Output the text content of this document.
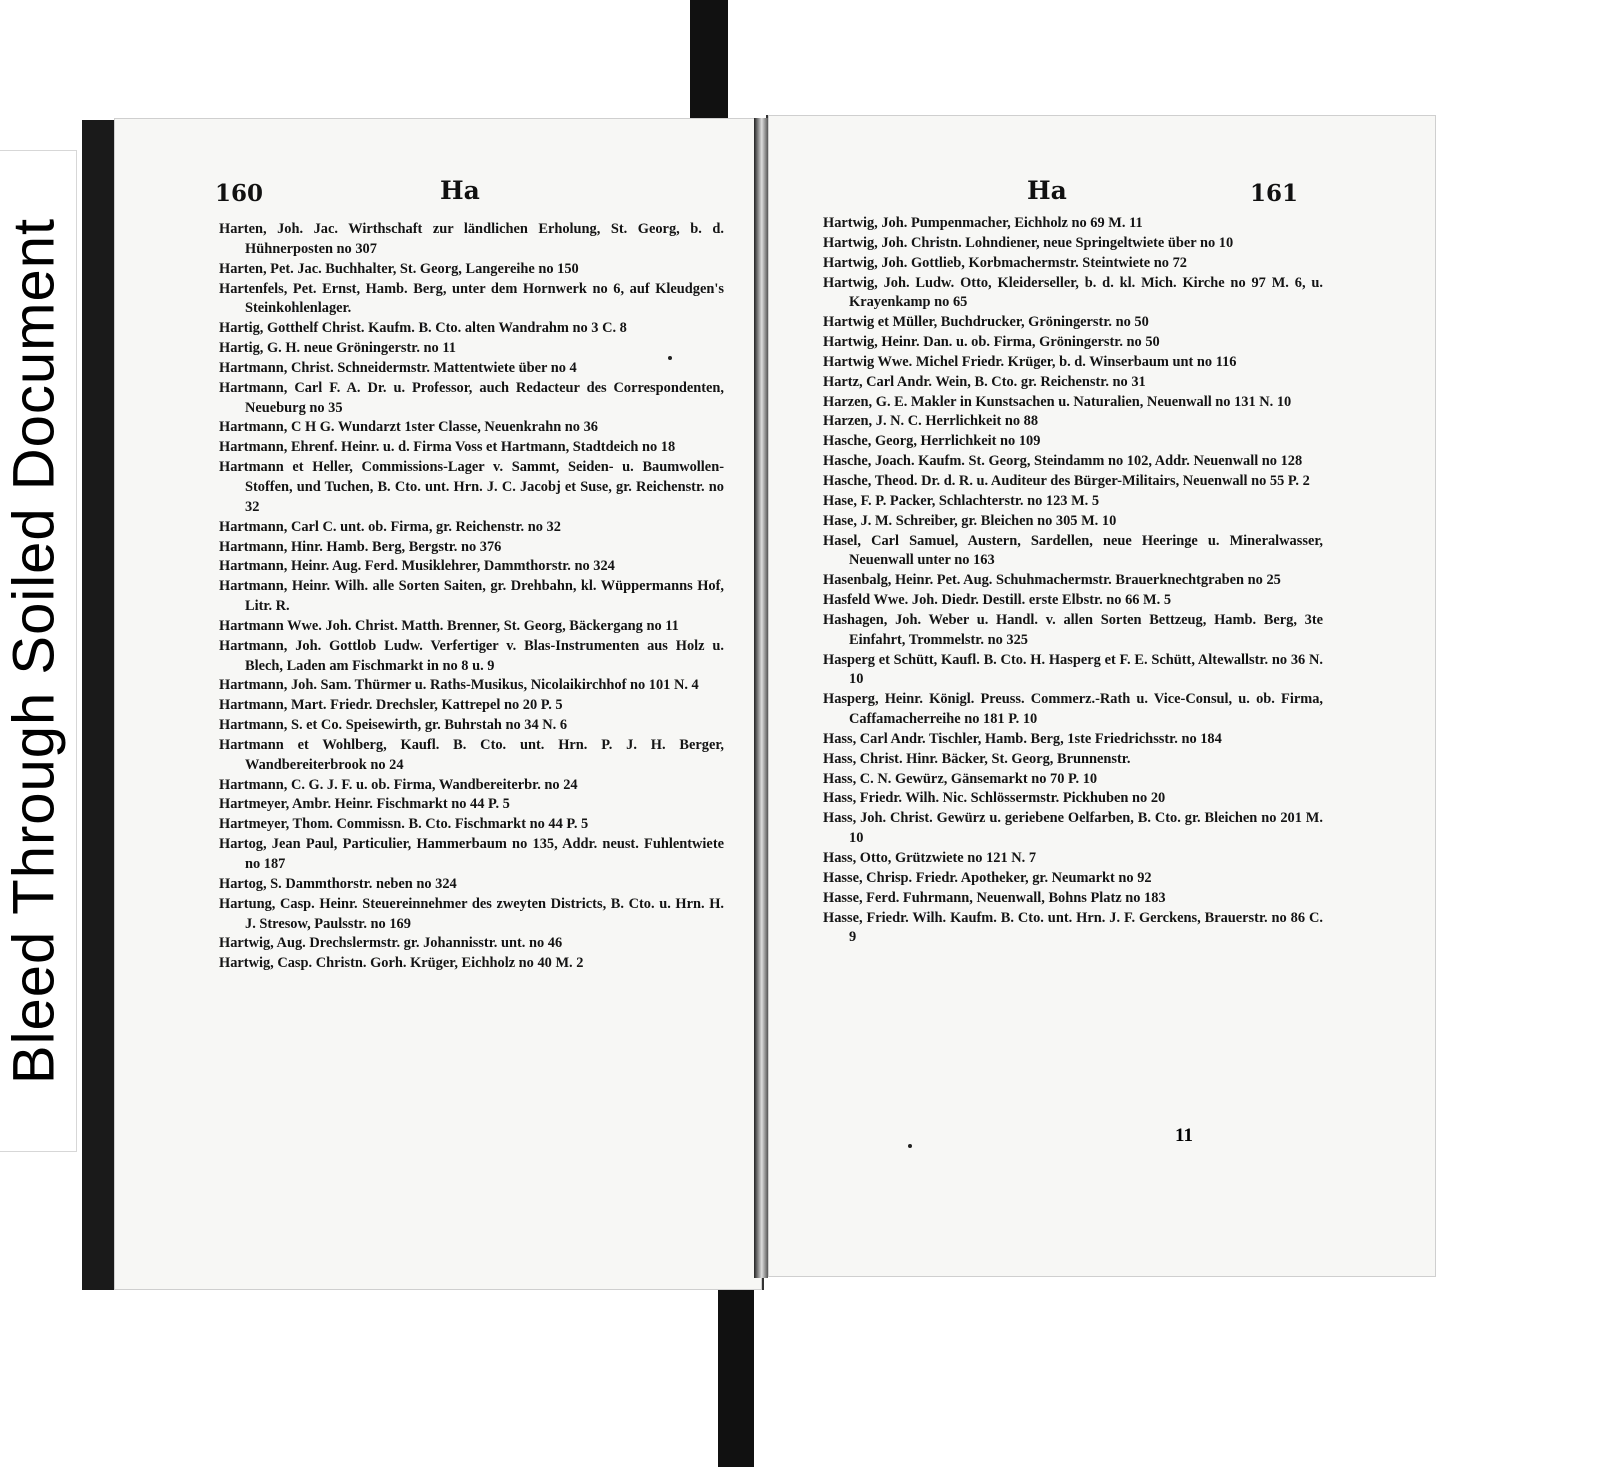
Bleed Through Soiled Document
160	Ha	Ha	161
Harten, Joh. Jac. Wirthschaft zur ländlichen Erholung, St. Georg, b. d. Hühnerposten no 307
Harten, Pet. Jac. Buchhalter, St. Georg, Langereihe no 150
Hartenfels, Pet. Ernst, Hamb. Berg, unter dem Hornwerk no 6, auf Kleudgen's Steinkohlenlager.
Hartig, Gotthelf Christ. Kaufm. B. Cto. alten Wandrahm no 3 C. 8
Hartig, G. H. neue Gröningerstr. no 11
Hartmann, Christ. Schneidermstr. Mattentwiete über no 4
Hartmann, Carl F. A. Dr. u. Professor, auch Redacteur des Correspondenten, Neueburg no 35
Hartmann, C H G. Wundarzt 1ster Classe, Neuenkrahn no 36
Hartmann, Ehrenf. Heinr. u. d. Firma Voss et Hartmann, Stadtdeich no 18
Hartmann et Heller, Commissions-Lager v. Sammt, Seiden- u. Baumwollen-Stoffen, und Tuchen, B. Cto. unt. Hrn. J. C. Jacobj et Suse, gr. Reichenstr. no 32
Hartmann, Carl C. unt. ob. Firma, gr. Reichenstr. no 32
Hartmann, Hinr. Hamb. Berg, Bergstr. no 376
Hartmann, Heinr. Aug. Ferd. Musiklehrer, Dammthorstr. no 324
Hartmann, Heinr. Wilh. alle Sorten Saiten, gr. Drehbahn, kl. Wüppermanns Hof, Litr. R.
Hartmann Wwe. Joh. Christ. Matth. Brenner, St. Georg, Bäckergang no 11
Hartmann, Joh. Gottlob Ludw. Verfertiger v. Blas-Instrumenten aus Holz u. Blech, Laden am Fischmarkt in no 8 u. 9
Hartmann, Joh. Sam. Thürmer u. Raths-Musikus, Nicolaikirchhof no 101 N. 4
Hartmann, Mart. Friedr. Drechsler, Kattrepel no 20 P. 5
Hartmann, S. et Co. Speisewirth, gr. Buhrstah no 34 N. 6
Hartmann et Wohlberg, Kaufl. B. Cto. unt. Hrn. P. J. H. Berger, Wandbereiterbrook no 24
Hartmann, C. G. J. F. u. ob. Firma, Wandbereiterbr. no 24
Hartmeyer, Ambr. Heinr. Fischmarkt no 44 P. 5
Hartmeyer, Thom. Commissn. B. Cto. Fischmarkt no 44 P. 5
Hartog, Jean Paul, Particulier, Hammerbaum no 135, Addr. neust. Fuhlentwiete no 187
Hartog, S. Dammthorstr. neben no 324
Hartung, Casp. Heinr. Steuereinnehmer des zweyten Districts, B. Cto. u. Hrn. H. J. Stresow, Paulsstr. no 169
Hartwig, Aug. Drechslermstr. gr. Johannisstr. unt. no 46
Hartwig, Casp. Christn. Gorh. Krüger, Eichholz no 40 M. 2
Hartwig, Joh. Pumpenmacher, Eichholz no 69 M. 11
Hartwig, Joh. Christn. Lohndiener, neue Springeltwiete über no 10
Hartwig, Joh. Gottlieb, Korbmachermstr. Steintwiete no 72
Hartwig, Joh. Ludw. Otto, Kleiderseller, b. d. kl. Mich. Kirche no 97 M. 6, u. Krayenkamp no 65
Hartwig et Müller, Buchdrucker, Gröningerstr. no 50
Hartwig, Heinr. Dan. u. ob. Firma, Gröningerstr. no 50
Hartwig Wwe. Michel Friedr. Krüger, b. d. Winserbaum unt no 116
Hartz, Carl Andr. Wein, B. Cto. gr. Reichenstr. no 31
Harzen, G. E. Makler in Kunstsachen u. Naturalien, Neuenwall no 131 N. 10
Harzen, J. N. C. Herrlichkeit no 88
Hasche, Georg, Herrlichkeit no 109
Hasche, Joach. Kaufm. St. Georg, Steindamm no 102, Addr. Neuenwall no 128
Hasche, Theod. Dr. d. R. u. Auditeur des Bürger-Militairs, Neuenwall no 55 P. 2
Hase, F. P. Packer, Schlachterstr. no 123 M. 5
Hase, J. M. Schreiber, gr. Bleichen no 305 M. 10
Hasel, Carl Samuel, Austern, Sardellen, neue Heeringe u. Mineralwasser, Neuenwall unter no 163
Hasenbalg, Heinr. Pet. Aug. Schuhmachermstr. Brauerknechtgraben no 25
Hasfeld Wwe. Joh. Diedr. Destill. erste Elbstr. no 66 M. 5
Hashagen, Joh. Weber u. Handl. v. allen Sorten Bettzeug, Hamb. Berg, 3te Einfahrt, Trommelstr. no 325
Hasperg et Schütt, Kaufl. B. Cto. H. Hasperg et F. E. Schütt, Altewallstr. no 36 N. 10
Hasperg, Heinr. Königl. Preuss. Commerz.-Rath u. Vice-Consul, u. ob. Firma, Caffamacherreihe no 181 P. 10
Hass, Carl Andr. Tischler, Hamb. Berg, 1ste Friedrichsstr. no 184
Hass, Christ. Hinr. Bäcker, St. Georg, Brunnenstr.
Hass, C. N. Gewürz, Gänsemarkt no 70 P. 10
Hass, Friedr. Wilh. Nic. Schlössermstr. Pickhuben no 20
Hass, Joh. Christ. Gewürz u. geriebene Oelfarben, B. Cto. gr. Bleichen no 201 M. 10
Hass, Otto, Grützwiete no 121 N. 7
Hasse, Chrisp. Friedr. Apotheker, gr. Neumarkt no 92
Hasse, Ferd. Fuhrmann, Neuenwall, Bohns Platz no 183
Hasse, Friedr. Wilh. Kaufm. B. Cto. unt. Hrn. J. F. Gerckens, Brauerstr. no 86 C. 9
11
